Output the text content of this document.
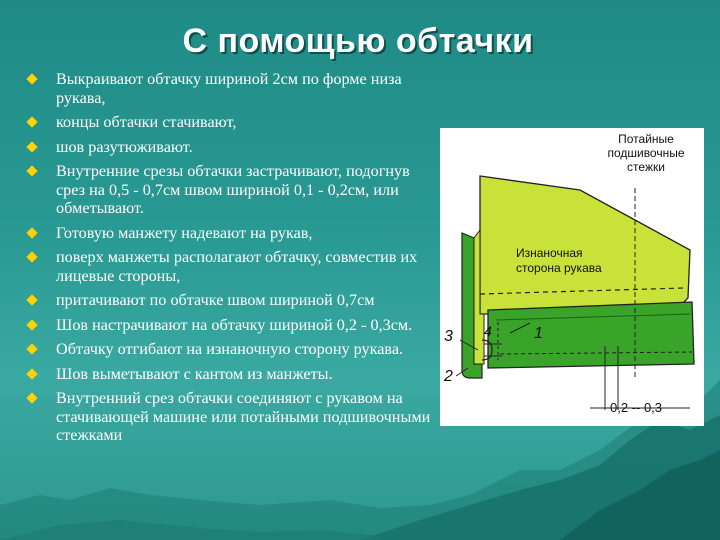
С помощью обтачки
Выкраивают обтачку шириной 2см по форме низа рукава,
концы обтачки стачивают,
шов разутюживают.
Внутренние срезы обтачки застрачивают, подогнув срез на 0,5 - 0,7см швом шириной 0,1 - 0,2см, или обметывают.
Готовую манжету надевают на рукав,
поверх манжеты располагают обтачку, совместив их лицевые стороны,
притачивают по обтачке швом шириной 0,7см
Шов настрачивают на обтачку шириной 0,2 - 0,3см.
Обтачку отгибают на изнаночную сторону рукава.
Шов выметывают с кантом из манжеты.
Внутренний срез обтачки соединяют с рукавом на стачивающей машине или потайными подшивочными стежками
Потайные
подшивочные
стежки
Изнаночная
сторона рукава
1
2
3 4
0,2 -- 0,3
